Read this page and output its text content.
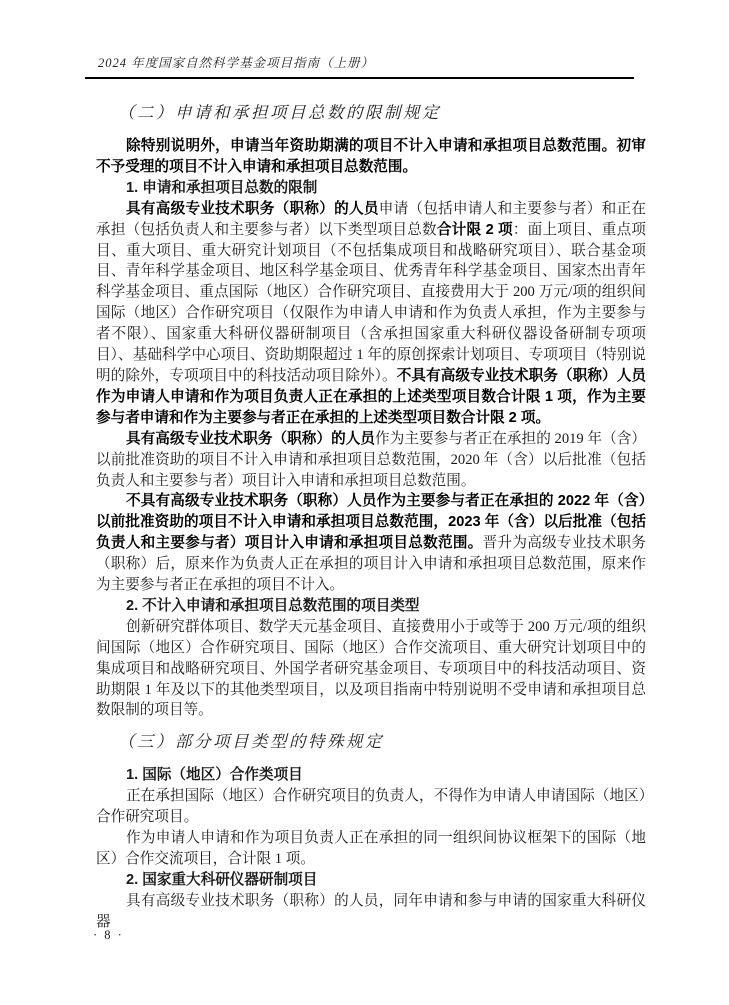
2024 年度国家自然科学基金项目指南（上册）
（二）申请和承担项目总数的限制规定

除特别说明外，申请当年资助期满的项目不计入申请和承担项目总数范围。初审不予受理的项目不计入申请和承担项目总数范围。

1. 申请和承担项目总数的限制

具有高级专业技术职务（职称）的人员申请（包括申请人和主要参与者）和正在承担（包括负责人和主要参与者）以下类型项目总数合计限 2 项：面上项目、重点项目、重大项目、重大研究计划项目（不包括集成项目和战略研究项目）、联合基金项目、青年科学基金项目、地区科学基金项目、优秀青年科学基金项目、国家杰出青年科学基金项目、重点国际（地区）合作研究项目、直接费用大于 200 万元/项的组织间国际（地区）合作研究项目（仅限作为申请人申请和作为负责人承担，作为主要参与者不限）、国家重大科研仪器研制项目（含承担国家重大科研仪器设备研制专项项目）、基础科学中心项目、资助期限超过 1 年的原创探索计划项目、专项项目（特别说明的除外，专项项目中的科技活动项目除外）。不具有高级专业技术职务（职称）人员作为申请人申请和作为项目负责人正在承担的上述类型项目数合计限 1 项，作为主要参与者申请和作为主要参与者正在承担的上述类型项目数合计限 2 项。

具有高级专业技术职务（职称）的人员作为主要参与者正在承担的 2019 年（含）以前批准资助的项目不计入申请和承担项目总数范围，2020 年（含）以后批准（包括负责人和主要参与者）项目计入申请和承担项目总数范围。

不具有高级专业技术职务（职称）人员作为主要参与者正在承担的 2022 年（含）以前批准资助的项目不计入申请和承担项目总数范围，2023 年（含）以后批准（包括负责人和主要参与者）项目计入申请和承担项目总数范围。晋升为高级专业技术职务（职称）后，原来作为负责人正在承担的项目计入申请和承担项目总数范围，原来作为主要参与者正在承担的项目不计入。

2. 不计入申请和承担项目总数范围的项目类型

创新研究群体项目、数学天元基金项目、直接费用小于或等于 200 万元/项的组织间国际（地区）合作研究项目、国际（地区）合作交流项目、重大研究计划项目中的集成项目和战略研究项目、外国学者研究基金项目、专项项目中的科技活动项目、资助期限 1 年及以下的其他类型项目，以及项目指南中特别说明不受申请和承担项目总数限制的项目等。

（三）部分项目类型的特殊规定
1. 国际（地区）合作类项目

正在承担国际（地区）合作研究项目的负责人，不得作为申请人申请国际（地区）合作研究项目。

作为申请人申请和作为项目负责人正在承担的同一组织间协议框架下的国际（地区）合作交流项目，合计限 1 项。

2. 国家重大科研仪器研制项目

具有高级专业技术职务（职称）的人员，同年申请和参与申请的国家重大科研仪器

· 8 ·
